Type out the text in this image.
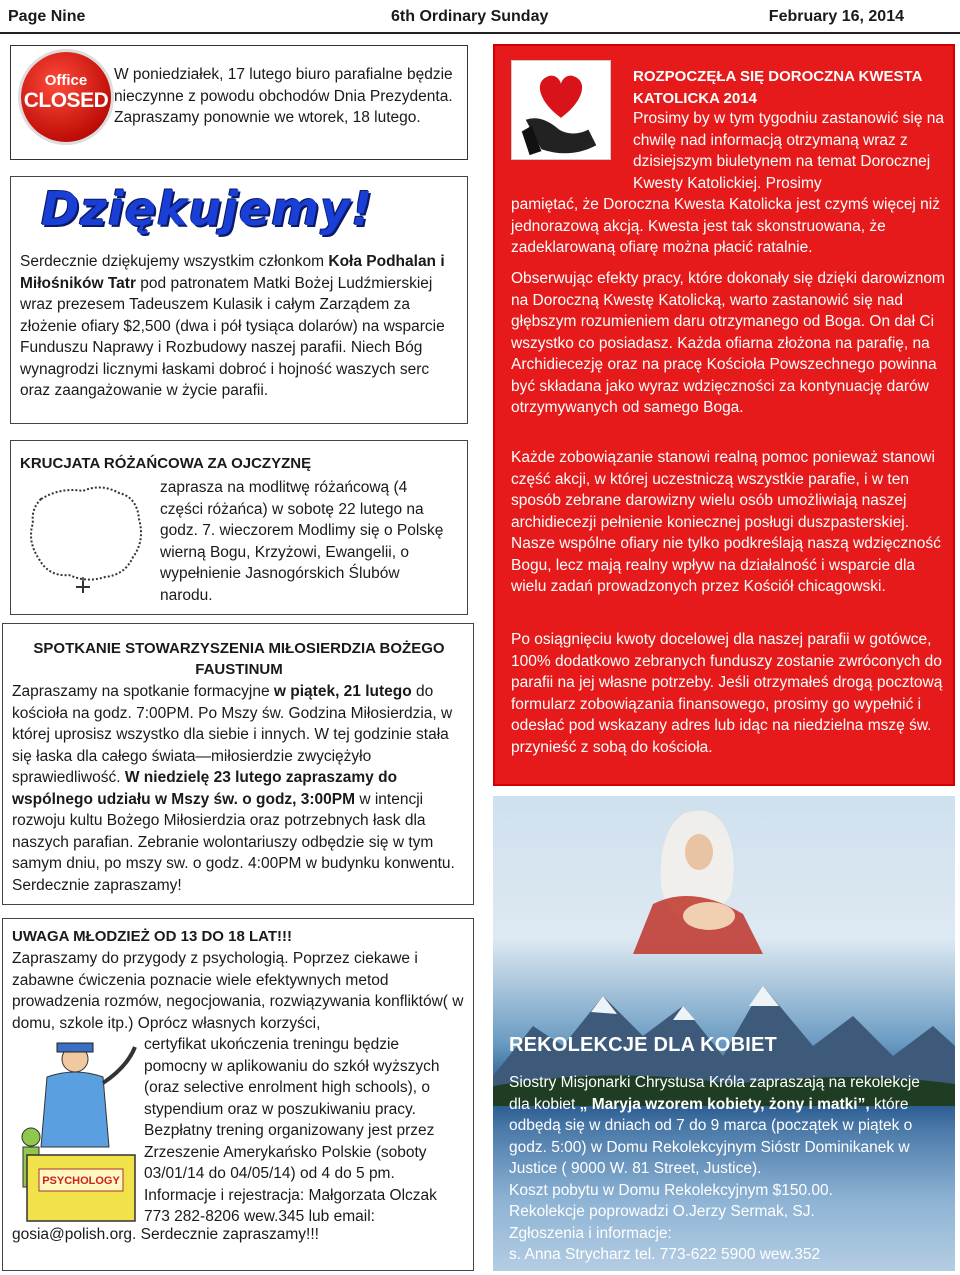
Page Nine	6th Ordinary Sunday	February 16, 2014
Office
CLOSED
W poniedziałek, 17 lutego biuro parafialne będzie nieczynne z powodu obchodów Dnia Prezydenta. Zapraszamy ponownie we wtorek, 18 lutego.
Dziękujemy!
Serdecznie dziękujemy wszystkim członkom Koła Podhalan i Miłośników Tatr pod patronatem Matki Bożej Ludźmierskiej wraz prezesem Tadeuszem Kulasik i całym Zarządem za złożenie ofiary $2,500 (dwa i pół tysiąca dolarów) na wsparcie Funduszu Naprawy i Rozbudowy naszej parafii. Niech Bóg wynagrodzi licznymi łaskami dobroć i hojność waszych serc oraz zaangażowanie w życie parafii.
KRUCJATA RÓŻAŃCOWA ZA OJCZYZNĘ
zaprasza na modlitwę różańcową (4 części różańca) w sobotę 22 lutego na godz. 7. wieczorem Modlimy się o Polskę wierną Bogu, Krzyżowi, Ewangelii, o wypełnienie Jasnogórskich Ślubów narodu.
SPOTKANIE STOWARZYSZENIA MIŁOSIERDZIA BOŻEGO FAUSTINUM
Zapraszamy na spotkanie formacyjne w piątek, 21 lutego do kościoła na godz. 7:00PM. Po Mszy św. Godzina Miłosierdzia, w której uprosisz wszystko dla siebie i innych. W tej godzinie stała się łaska dla całego świata—miłosierdzie zwyciężyło sprawiedliwość. W niedzielę 23 lutego zapraszamy do wspólnego udziału w Mszy św. o godz, 3:00PM w intencji rozwoju kultu Bożego Miłosierdzia oraz potrzebnych łask dla naszych parafian. Zebranie wolontariuszy odbędzie się w tym samym dniu, po mszy sw. o godz. 4:00PM w budynku konwentu. Serdecznie zapraszamy!
UWAGA MŁODZIEŻ OD 13 DO 18 LAT!!!
Zapraszamy do przygody z psychologią. Poprzez ciekawe i zabawne ćwiczenia poznacie wiele efektywnych metod prowadzenia rozmów, negocjowania, rozwiązywania konfliktów( w domu, szkole itp.) Oprócz własnych korzyści,
PSYCHOLOGY
certyfikat ukończenia treningu będzie pomocny w aplikowaniu do szkół wyższych (oraz selective enrolment high schools), o stypendium oraz w poszukiwaniu pracy. Bezpłatny trening organizowany jest przez Zrzeszenie Amerykańsko Polskie (soboty 03/01/14 do 04/05/14) od 4 do 5 pm. Informacje i rejestracja: Małgorzata Olczak 773 282-8206 wew.345 lub email:
gosia@polish.org. Serdecznie zapraszamy!!!
ROZPOCZĘŁA SIĘ DOROCZNA KWESTA KATOLICKA 2014
Prosimy by w tym tygodniu zastanowić się na chwilę nad informacją otrzymaną wraz z dzisiejszym biuletynem na temat Dorocznej Kwesty Katolickiej. Prosimy
pamiętać, że Doroczna Kwesta Katolicka jest czymś więcej niż jednorazową akcją. Kwesta jest tak skonstruowana, że zadeklarowaną ofiarę można płacić ratalnie.
Obserwując efekty pracy, które dokonały się dzięki darowiznom na Doroczną Kwestę Katolicką, warto zastanowić się nad głębszym rozumieniem daru otrzymanego od Boga. On dał Ci wszystko co posiadasz. Każda ofiarna złożona na parafię, na Archidiecezję oraz na pracę Kościoła Powszechnego powinna być składana jako wyraz wdzięczności za kontynuację darów otrzymywanych od samego Boga.
Każde zobowiązanie stanowi realną pomoc ponieważ stanowi część akcji, w której uczestniczą wszystkie parafie, i w ten sposób zebrane darowizny wielu osób umożliwiają naszej archidiecezji pełnienie koniecznej posługi duszpasterskiej. Nasze wspólne ofiary nie tylko podkreślają naszą wdzięczność Bogu, lecz mają realny wpływ na działalność i wsparcie dla wielu zadań prowadzonych przez Kościół chicagowski.
Po osiągnięciu kwoty docelowej dla naszej parafii w gotówce, 100% dodatkowo zebranych funduszy zostanie zwróconych do parafii na jej własne potrzeby. Jeśli otrzymałeś drogą pocztową formularz zobowiązania finansowego, prosimy go wypełnić i odesłać pod wskazany adres lub idąc na niedzielna mszę św. przynieść z sobą do kościoła.
REKOLEKCJE DLA KOBIET
Siostry Misjonarki Chrystusa Króla zapraszają na rekolekcje dla kobiet „ Maryja wzorem kobiety, żony i matki”, które odbędą się w dniach od 7 do 9 marca (początek w piątek o godz. 5:00) w Domu Rekolekcyjnym Sióstr Dominikanek w Justice ( 9000 W. 81 Street, Justice).
Koszt pobytu w Domu Rekolekcyjnym $150.00.
Rekolekcje poprowadzi O.Jerzy Sermak, SJ.
Zgłoszenia i informacje:
s. Anna Strycharz tel. 773-622 5900 wew.352
